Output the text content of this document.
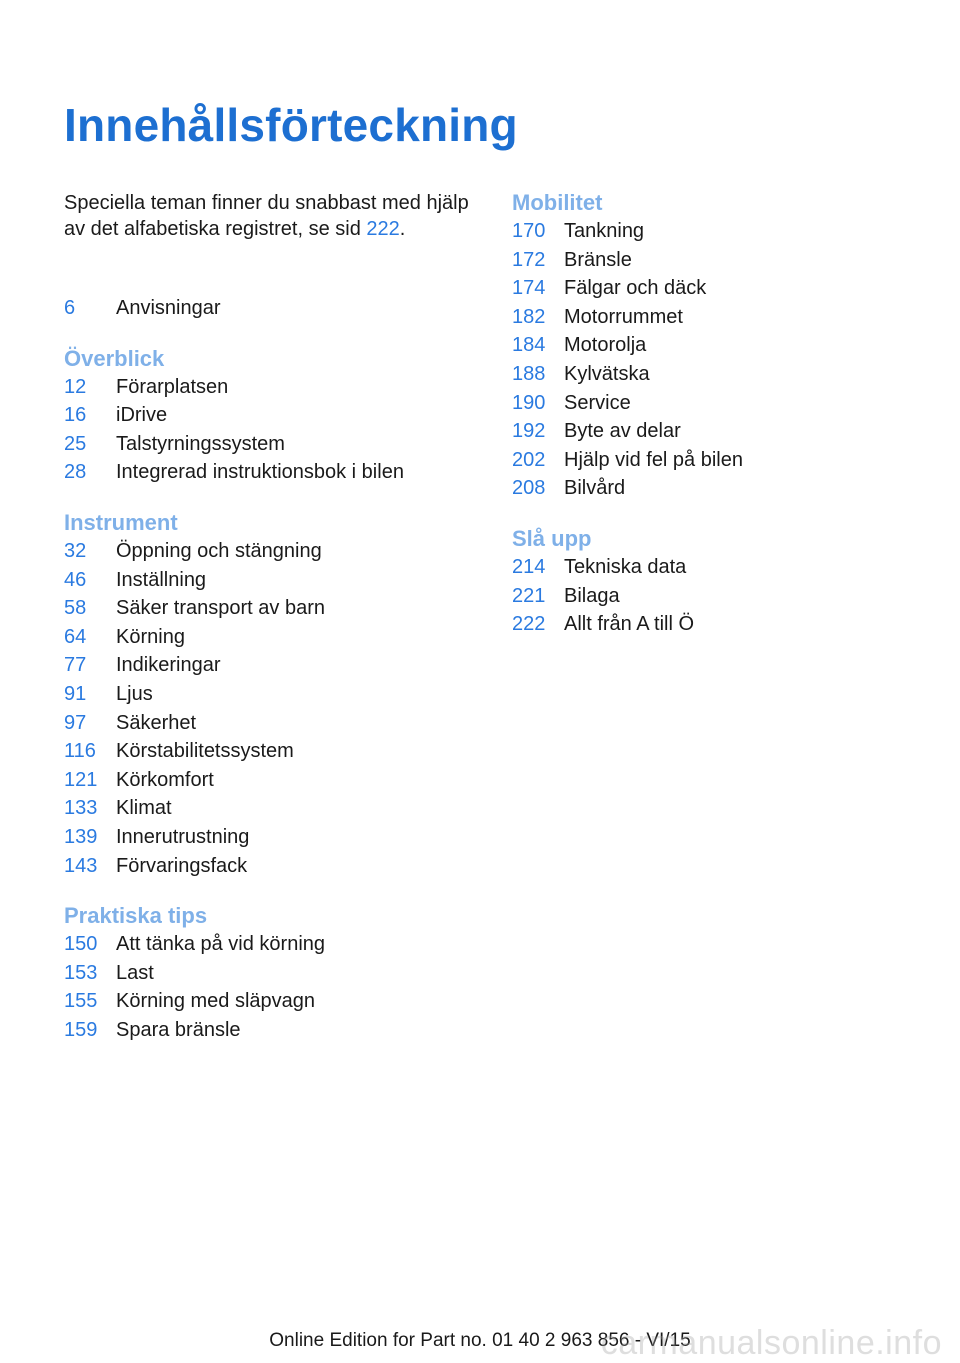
Innehållsförteckning
Speciella teman finner du snabbast med hjälp av det alfabetiska registret, se sid 222.
6	Anvisningar
Överblick
12	Förarplatsen
16	iDrive
25	Talstyrningssystem
28	Integrerad instruktionsbok i bilen
Instrument
32	Öppning och stängning
46	Inställning
58	Säker transport av barn
64	Körning
77	Indikeringar
91	Ljus
97	Säkerhet
116	Körstabilitetssystem
121 Körkomfort
133 Klimat
139 Innerutrustning
143 Förvaringsfack
Praktiska tips
150 Att tänka på vid körning
153 Last
155 Körning med släpvagn
159 Spara bränsle
Mobilitet
170 Tankning
172 Bränsle
174 Fälgar och däck
182 Motorrummet
184 Motorolja
188 Kylvätska
190 Service
192 Byte av delar
202 Hjälp vid fel på bilen
208 Bilvård
Slå upp
214 Tekniska data
221 Bilaga
222 Allt från A till Ö
Online Edition for Part no. 01 40 2 963 856 - VI/15
carmanualsonline.info
